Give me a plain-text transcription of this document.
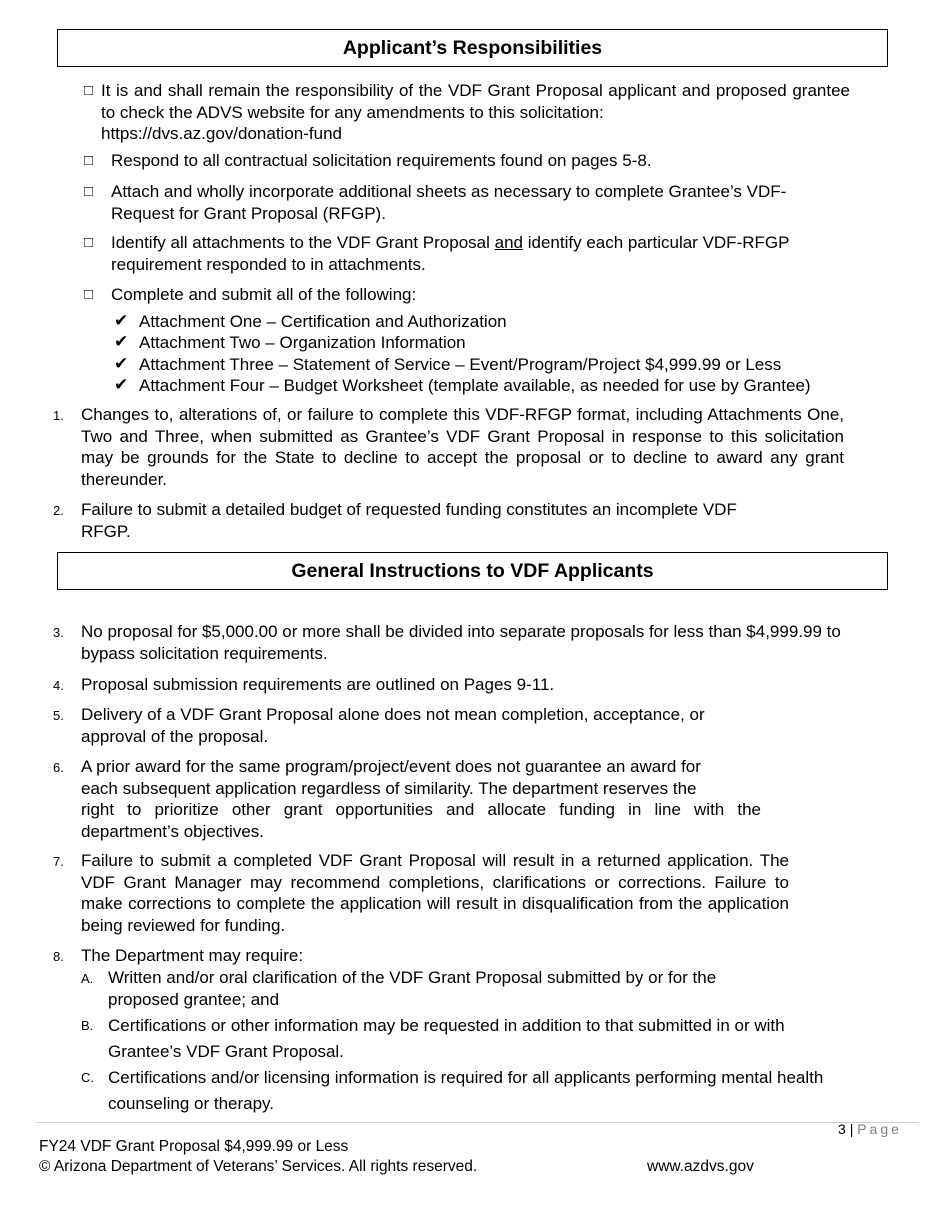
Applicant’s Responsibilities
□ It is and shall remain the responsibility of the VDF Grant Proposal applicant and proposed grantee to check the ADVS website for any amendments to this solicitation:
https://dvs.az.gov/donation-fund
□ Respond to all contractual solicitation requirements found on pages 5-8.
□ Attach and wholly incorporate additional sheets as necessary to complete Grantee’s VDF-
Request for Grant Proposal (RFGP).
□ Identify all attachments to the VDF Grant Proposal and identify each particular VDF-RFGP
requirement responded to in attachments.
□ Complete and submit all of the following:
✔ Attachment One – Certification and Authorization
✔ Attachment Two – Organization Information
✔ Attachment Three – Statement of Service – Event/Program/Project $4,999.99 or Less
✔ Attachment Four – Budget Worksheet (template available, as needed for use by Grantee)
1. Changes to, alterations of, or failure to complete this VDF-RFGP format, including Attachments One, Two and Three, when submitted as Grantee’s VDF Grant Proposal in response to this solicitation may be grounds for the State to decline to accept the proposal or to decline to award any grant thereunder.
2. Failure to submit a detailed budget of requested funding constitutes an incomplete VDF
RFGP.
General Instructions to VDF Applicants
3. No proposal for $5,000.00 or more shall be divided into separate proposals for less than $4,999.99 to
bypass solicitation requirements.
4. Proposal submission requirements are outlined on Pages 9-11.
5. Delivery of a VDF Grant Proposal alone does not mean completion, acceptance, or
approval of the proposal.
6. A prior award for the same program/project/event does not guarantee an award for
each subsequent application regardless of similarity. The department reserves the
right to prioritize other grant opportunities and allocate funding in line with the department’s objectives.
7. Failure to submit a completed VDF Grant Proposal will result in a returned application. The VDF Grant Manager may recommend completions, clarifications or corrections. Failure to make corrections to complete the application will result in disqualification from the application being reviewed for funding.
8. The Department may require:
A. Written and/or oral clarification of the VDF Grant Proposal submitted by or for the
proposed grantee; and
B. Certifications or other information may be requested in addition to that submitted in or with
Grantee’s VDF Grant Proposal.
C. Certifications and/or licensing information is required for all applicants performing mental health
counseling or therapy.
3 | Page
FY24 VDF Grant Proposal $4,999.99 or Less
© Arizona Department of Veterans’ Services. All rights reserved.	www.azdvs.gov
